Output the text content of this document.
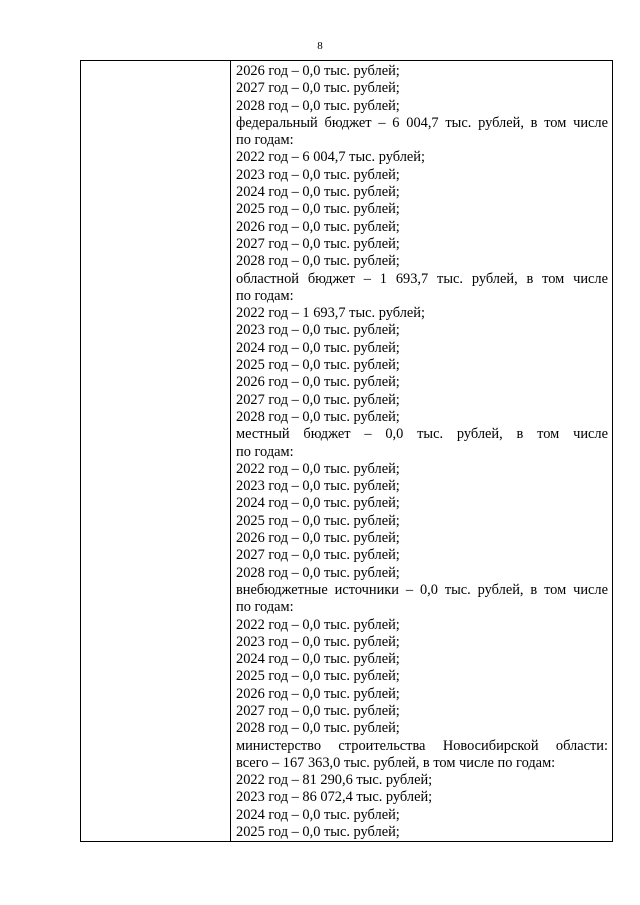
8
2026 год – 0,0 тыс. рублей;
2027 год – 0,0 тыс. рублей;
2028 год – 0,0 тыс. рублей;
федеральный бюджет – 6 004,7 тыс. рублей, в том числе
по годам:
2022 год – 6 004,7 тыс. рублей;
2023 год – 0,0 тыс. рублей;
2024 год – 0,0 тыс. рублей;
2025 год – 0,0 тыс. рублей;
2026 год – 0,0 тыс. рублей;
2027 год – 0,0 тыс. рублей;
2028 год – 0,0 тыс. рублей;
областной бюджет – 1 693,7 тыс. рублей, в том числе
по годам:
2022 год – 1 693,7 тыс. рублей;
2023 год – 0,0 тыс. рублей;
2024 год – 0,0 тыс. рублей;
2025 год – 0,0 тыс. рублей;
2026 год – 0,0 тыс. рублей;
2027 год – 0,0 тыс. рублей;
2028 год – 0,0 тыс. рублей;
местный бюджет – 0,0 тыс. рублей, в том числе
по годам:
2022 год – 0,0 тыс. рублей;
2023 год – 0,0 тыс. рублей;
2024 год – 0,0 тыс. рублей;
2025 год – 0,0 тыс. рублей;
2026 год – 0,0 тыс. рублей;
2027 год – 0,0 тыс. рублей;
2028 год – 0,0 тыс. рублей;
внебюджетные источники – 0,0 тыс. рублей, в том числе
по годам:
2022 год – 0,0 тыс. рублей;
2023 год – 0,0 тыс. рублей;
2024 год – 0,0 тыс. рублей;
2025 год – 0,0 тыс. рублей;
2026 год – 0,0 тыс. рублей;
2027 год – 0,0 тыс. рублей;
2028 год – 0,0 тыс. рублей;
министерство строительства Новосибирской области:
всего – 167 363,0 тыс. рублей, в том числе по годам:
2022 год – 81 290,6 тыс. рублей;
2023 год – 86 072,4 тыс. рублей;
2024 год – 0,0 тыс. рублей;
2025 год – 0,0 тыс. рублей;
